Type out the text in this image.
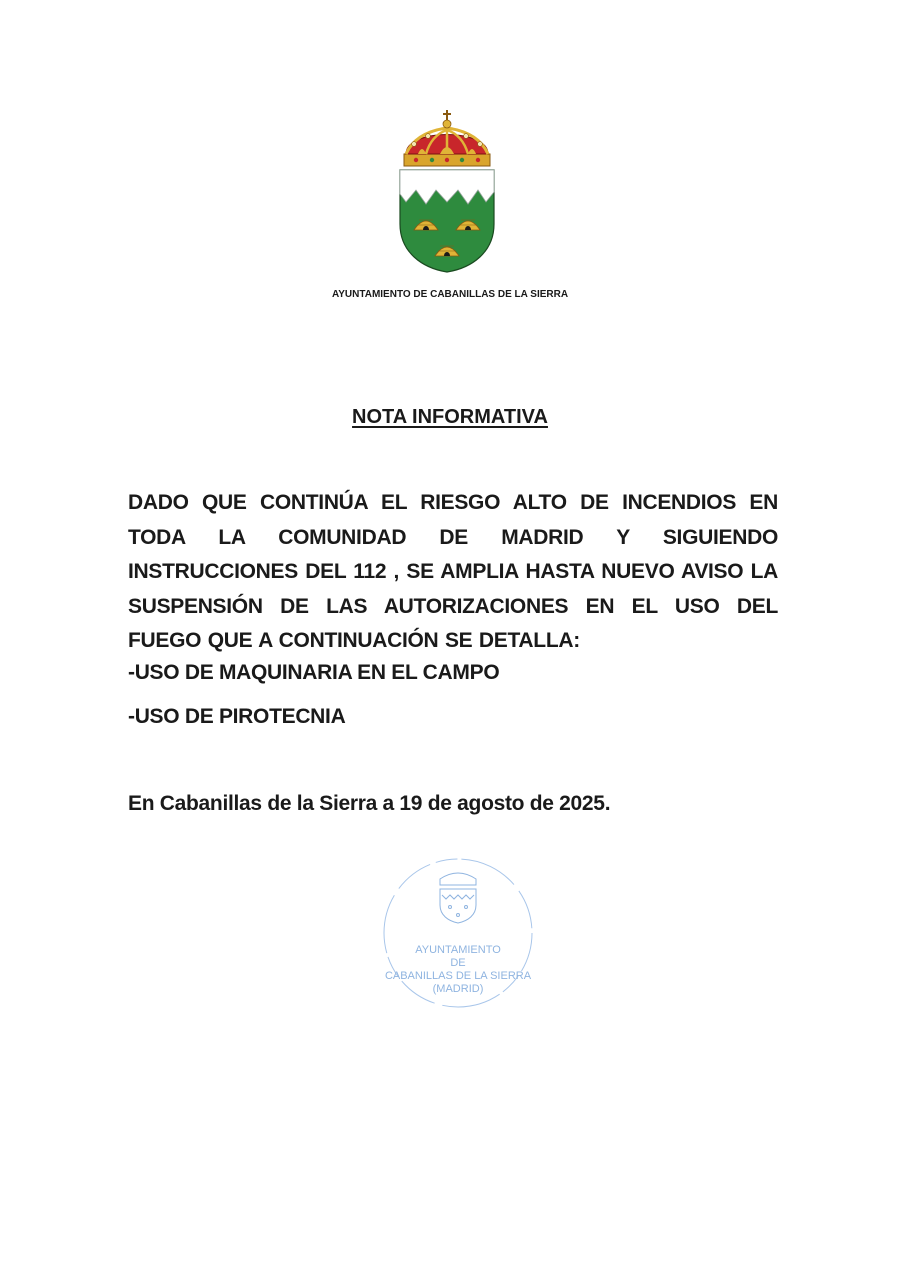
AYUNTAMIENTO DE CABANILLAS DE LA SIERRA
NOTA INFORMATIVA

DADO QUE CONTINÚA EL RIESGO ALTO DE INCENDIOS EN TODA LA COMUNIDAD DE MADRID Y SIGUIENDO INSTRUCCIONES DEL 112 , SE AMPLIA HASTA NUEVO AVISO LA SUSPENSIÓN DE LAS AUTORIZACIONES EN EL USO DEL FUEGO QUE A CONTINUACIÓN SE DETALLA:

-USO DE MAQUINARIA EN EL CAMPO

-USO DE PIROTECNIA

En Cabanillas de la Sierra a 19 de agosto de 2025.

AYUNTAMIENTO
DE
CABANILLAS DE LA SIERRA
(MADRID)
